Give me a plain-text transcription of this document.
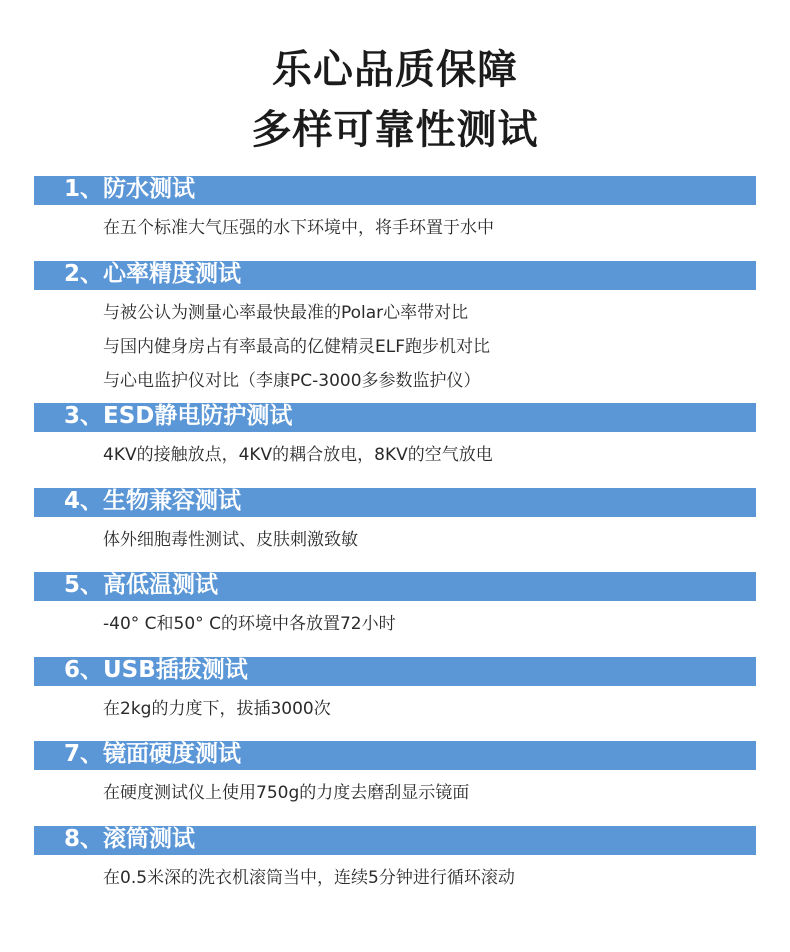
乐心品质保障
多样可靠性测试
1、防水测试
在五个标准大气压强的水下环境中，将手环置于水中
2、心率精度测试
与被公认为测量心率最快最准的Polar心率带对比
与国内健身房占有率最高的亿健精灵ELF跑步机对比
与心电监护仪对比（李康PC-3000多参数监护仪）
3、ESD静电防护测试
4KV的接触放点，4KV的耦合放电，8KV的空气放电
4、生物兼容测试
体外细胞毒性测试、皮肤刺激致敏
5、高低温测试
-40° C和50° C的环境中各放置72小时
6、USB插拔测试
在2kg的力度下，拔插3000次
7、镜面硬度测试
在硬度测试仪上使用750g的力度去磨刮显示镜面
8、滚筒测试
在0.5米深的洗衣机滚筒当中，连续5分钟进行循环滚动
